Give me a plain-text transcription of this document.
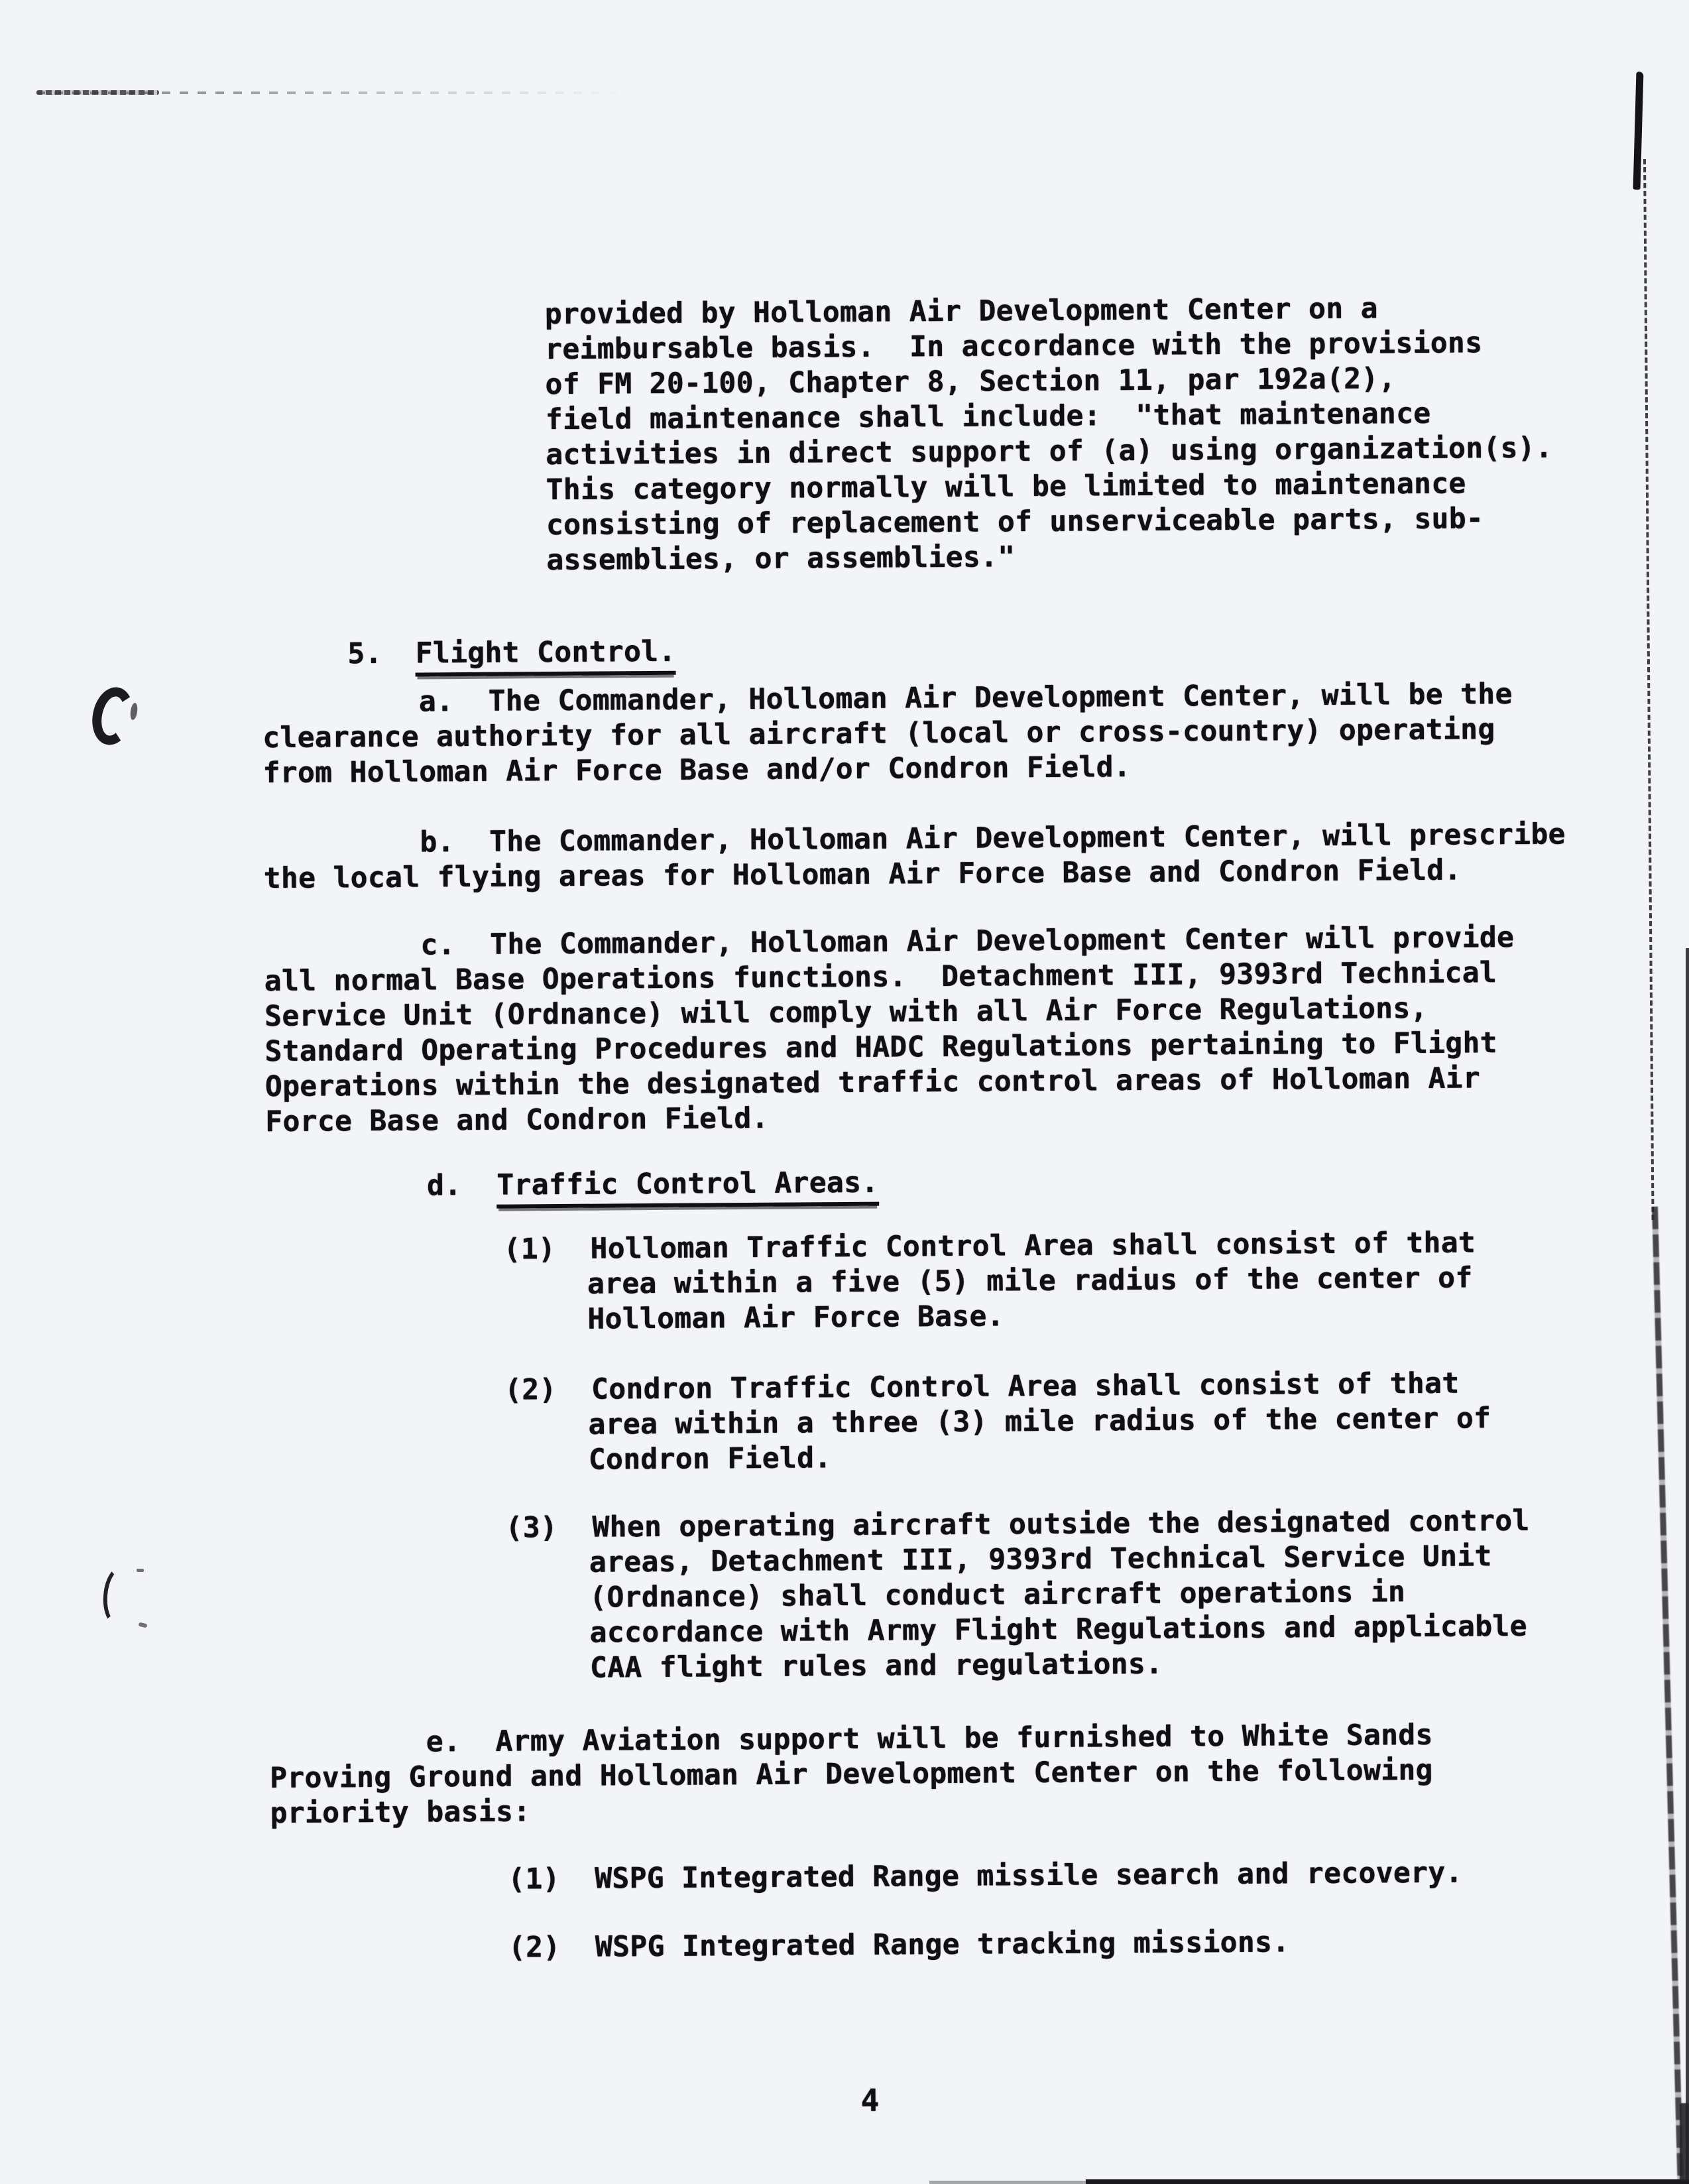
provided by Holloman Air Development Center on a
reimbursable basis.  In accordance with the provisions
of FM 20-100, Chapter 8, Section 11, par 192a(2),
field maintenance shall include:  "that maintenance
activities in direct support of (a) using organization(s).
This category normally will be limited to maintenance
consisting of replacement of unserviceable parts, sub-
assemblies, or assemblies."
5. Flight Control.
a.  The Commander, Holloman Air Development Center, will be the
clearance authority for all aircraft (local or cross-country) operating
from Holloman Air Force Base and/or Condron Field.
b.  The Commander, Holloman Air Development Center, will prescribe
the local flying areas for Holloman Air Force Base and Condron Field.
c.  The Commander, Holloman Air Development Center will provide
all normal Base Operations functions.  Detachment III, 9393rd Technical
Service Unit (Ordnance) will comply with all Air Force Regulations,
Standard Operating Procedures and HADC Regulations pertaining to Flight
Operations within the designated traffic control areas of Holloman Air
Force Base and Condron Field.
d. Traffic Control Areas.
(1)  Holloman Traffic Control Area shall consist of that
area within a five (5) mile radius of the center of
Holloman Air Force Base.
(2)  Condron Traffic Control Area shall consist of that
area within a three (3) mile radius of the center of
Condron Field.
(3)  When operating aircraft outside the designated control
areas, Detachment III, 9393rd Technical Service Unit
(Ordnance) shall conduct aircraft operations in
accordance with Army Flight Regulations and applicable
CAA flight rules and regulations.
e.  Army Aviation support will be furnished to White Sands
Proving Ground and Holloman Air Development Center on the following
priority basis:
(1)  WSPG Integrated Range missile search and recovery.
(2)  WSPG Integrated Range tracking missions.
4
